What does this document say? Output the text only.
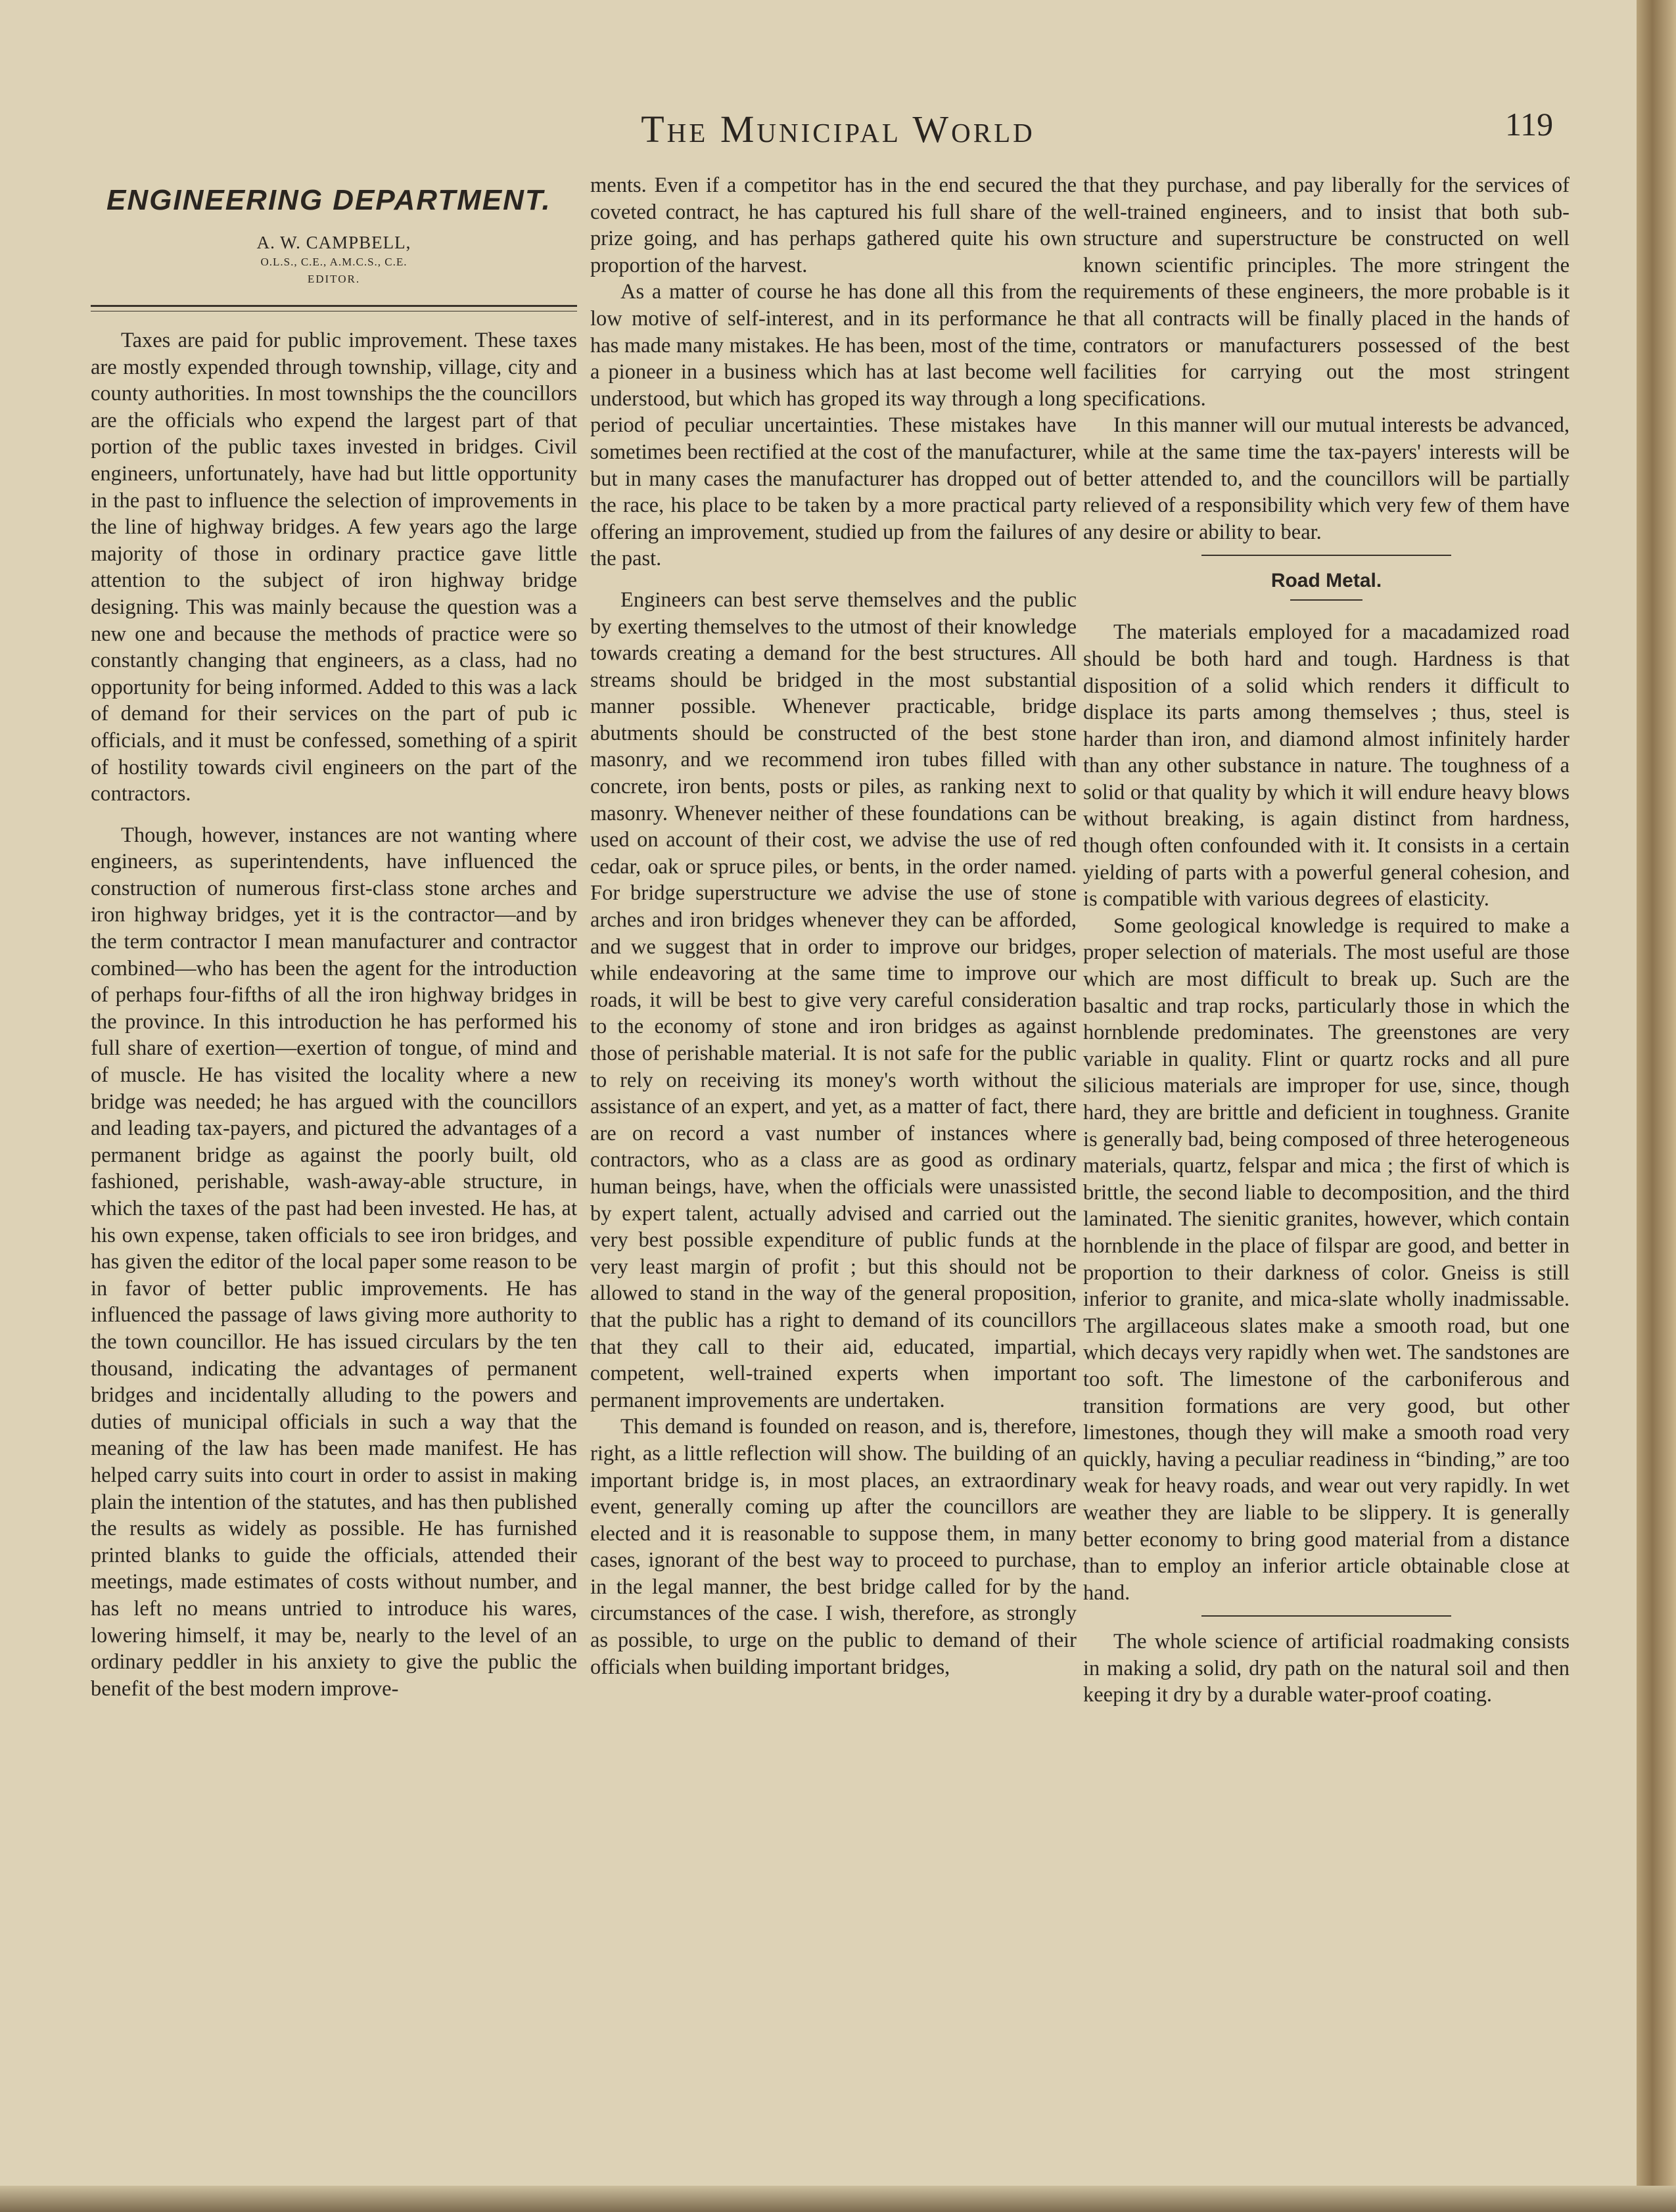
The Municipal World	119
ENGINEERING DEPARTMENT.
A. W. CAMPBELL,
O.L.S., C.E., A.M.C.S., C.E.
EDITOR.

Taxes are paid for public improvement. These taxes are mostly expended through township, village, city and county authorities. In most townships the the councillors are the officials who expend the largest part of that portion of the public taxes invested in bridges. Civil engineers, unfortunately, have had but little opportunity in the past to influence the selection of improvements in the line of highway bridges. A few years ago the large majority of those in ordinary practice gave little attention to the subject of iron highway bridge designing. This was mainly because the question was a new one and because the methods of practice were so constantly changing that engineers, as a class, had no opportunity for being informed. Added to this was a lack of demand for their services on the part of pub ic officials, and it must be confessed, something of a spirit of hostility towards civil engineers on the part of the contractors.

Though, however, instances are not wanting where engineers, as superintendents, have influenced the construction of numerous first-class stone arches and iron highway bridges, yet it is the contractor—and by the term contractor I mean manufacturer and contractor combined—who has been the agent for the introduction of perhaps four-fifths of all the iron highway bridges in the province. In this introduction he has performed his full share of exertion—exertion of tongue, of mind and of muscle. He has visited the locality where a new bridge was needed; he has argued with the councillors and leading tax-payers, and pictured the advantages of a permanent bridge as against the poorly built, old fashioned, perishable, wash-away-able structure, in which the taxes of the past had been invested. He has, at his own expense, taken officials to see iron bridges, and has given the editor of the local paper some reason to be in favor of better public improvements. He has influenced the passage of laws giving more authority to the town councillor. He has issued circulars by the ten thousand, indicating the advantages of permanent bridges and incidentally alluding to the powers and duties of municipal officials in such a way that the meaning of the law has been made manifest. He has helped carry suits into court in order to assist in making plain the intention of the statutes, and has then published the results as widely as possible. He has furnished printed blanks to guide the officials, attended their meetings, made estimates of costs without number, and has left no means untried to introduce his wares, lowering himself, it may be, nearly to the level of an ordinary peddler in his anxiety to give the public the benefit of the best modern improve-

ments. Even if a competitor has in the end secured the coveted contract, he has captured his full share of the prize going, and has perhaps gathered quite his own proportion of the harvest.

As a matter of course he has done all this from the low motive of self-interest, and in its performance he has made many mistakes. He has been, most of the time, a pioneer in a business which has at last become well understood, but which has groped its way through a long period of peculiar uncertainties. These mistakes have sometimes been rectified at the cost of the manufacturer, but in many cases the manufacturer has dropped out of the race, his place to be taken by a more practical party offering an improvement, studied up from the failures of the past.

Engineers can best serve themselves and the public by exerting themselves to the utmost of their knowledge towards creating a demand for the best structures. All streams should be bridged in the most substantial manner possible. Whenever practicable, bridge abutments should be constructed of the best stone masonry, and we recommend iron tubes filled with concrete, iron bents, posts or piles, as ranking next to masonry. Whenever neither of these foundations can be used on account of their cost, we advise the use of red cedar, oak or spruce piles, or bents, in the order named. For bridge superstructure we advise the use of stone arches and iron bridges whenever they can be afforded, and we suggest that in order to improve our bridges, while endeavoring at the same time to improve our roads, it will be best to give very careful consideration to the economy of stone and iron bridges as against those of perishable material. It is not safe for the public to rely on receiving its money's worth without the assistance of an expert, and yet, as a matter of fact, there are on record a vast number of instances where contractors, who as a class are as good as ordinary human beings, have, when the officials were unassisted by expert talent, actually advised and carried out the very best possible expenditure of public funds at the very least margin of profit ; but this should not be allowed to stand in the way of the general proposition, that the public has a right to demand of its councillors that they call to their aid, educated, impartial, competent, well-trained experts when important permanent improvements are undertaken.

This demand is founded on reason, and is, therefore, right, as a little reflection will show. The building of an important bridge is, in most places, an extraordinary event, generally coming up after the councillors are elected and it is reasonable to suppose them, in many cases, ignorant of the best way to proceed to purchase, in the legal manner, the best bridge called for by the circumstances of the case. I wish, therefore, as strongly as possible, to urge on the public to demand of their officials when building important bridges,

that they purchase, and pay liberally for the services of well-trained engineers, and to insist that both sub-structure and superstructure be constructed on well known scientific principles. The more stringent the requirements of these engineers, the more probable is it that all contracts will be finally placed in the hands of contrators or manufacturers possessed of the best facilities for carrying out the most stringent specifications.

In this manner will our mutual interests be advanced, while at the same time the tax-payers' interests will be better attended to, and the councillors will be partially relieved of a responsibility which very few of them have any desire or ability to bear.

Road Metal.

The materials employed for a macadamized road should be both hard and tough. Hardness is that disposition of a solid which renders it difficult to displace its parts among themselves ; thus, steel is harder than iron, and diamond almost infinitely harder than any other substance in nature. The toughness of a solid or that quality by which it will endure heavy blows without breaking, is again distinct from hardness, though often confounded with it. It consists in a certain yielding of parts with a powerful general cohesion, and is compatible with various degrees of elasticity.

Some geological knowledge is required to make a proper selection of materials. The most useful are those which are most difficult to break up. Such are the basaltic and trap rocks, particularly those in which the hornblende predominates. The greenstones are very variable in quality. Flint or quartz rocks and all pure silicious materials are improper for use, since, though hard, they are brittle and deficient in toughness. Granite is generally bad, being composed of three heterogeneous materials, quartz, felspar and mica ; the first of which is brittle, the second liable to decomposition, and the third laminated. The sienitic granites, however, which contain hornblende in the place of filspar are good, and better in proportion to their darkness of color. Gneiss is still inferior to granite, and mica-slate wholly inadmissable. The argillaceous slates make a smooth road, but one which decays very rapidly when wet. The sandstones are too soft. The limestone of the carboniferous and transition formations are very good, but other limestones, though they will make a smooth road very quickly, having a peculiar readiness in “binding,” are too weak for heavy roads, and wear out very rapidly. In wet weather they are liable to be slippery. It is generally better economy to bring good material from a distance than to employ an inferior article obtainable close at hand.

The whole science of artificial roadmaking consists in making a solid, dry path on the natural soil and then keeping it dry by a durable water-proof coating.
